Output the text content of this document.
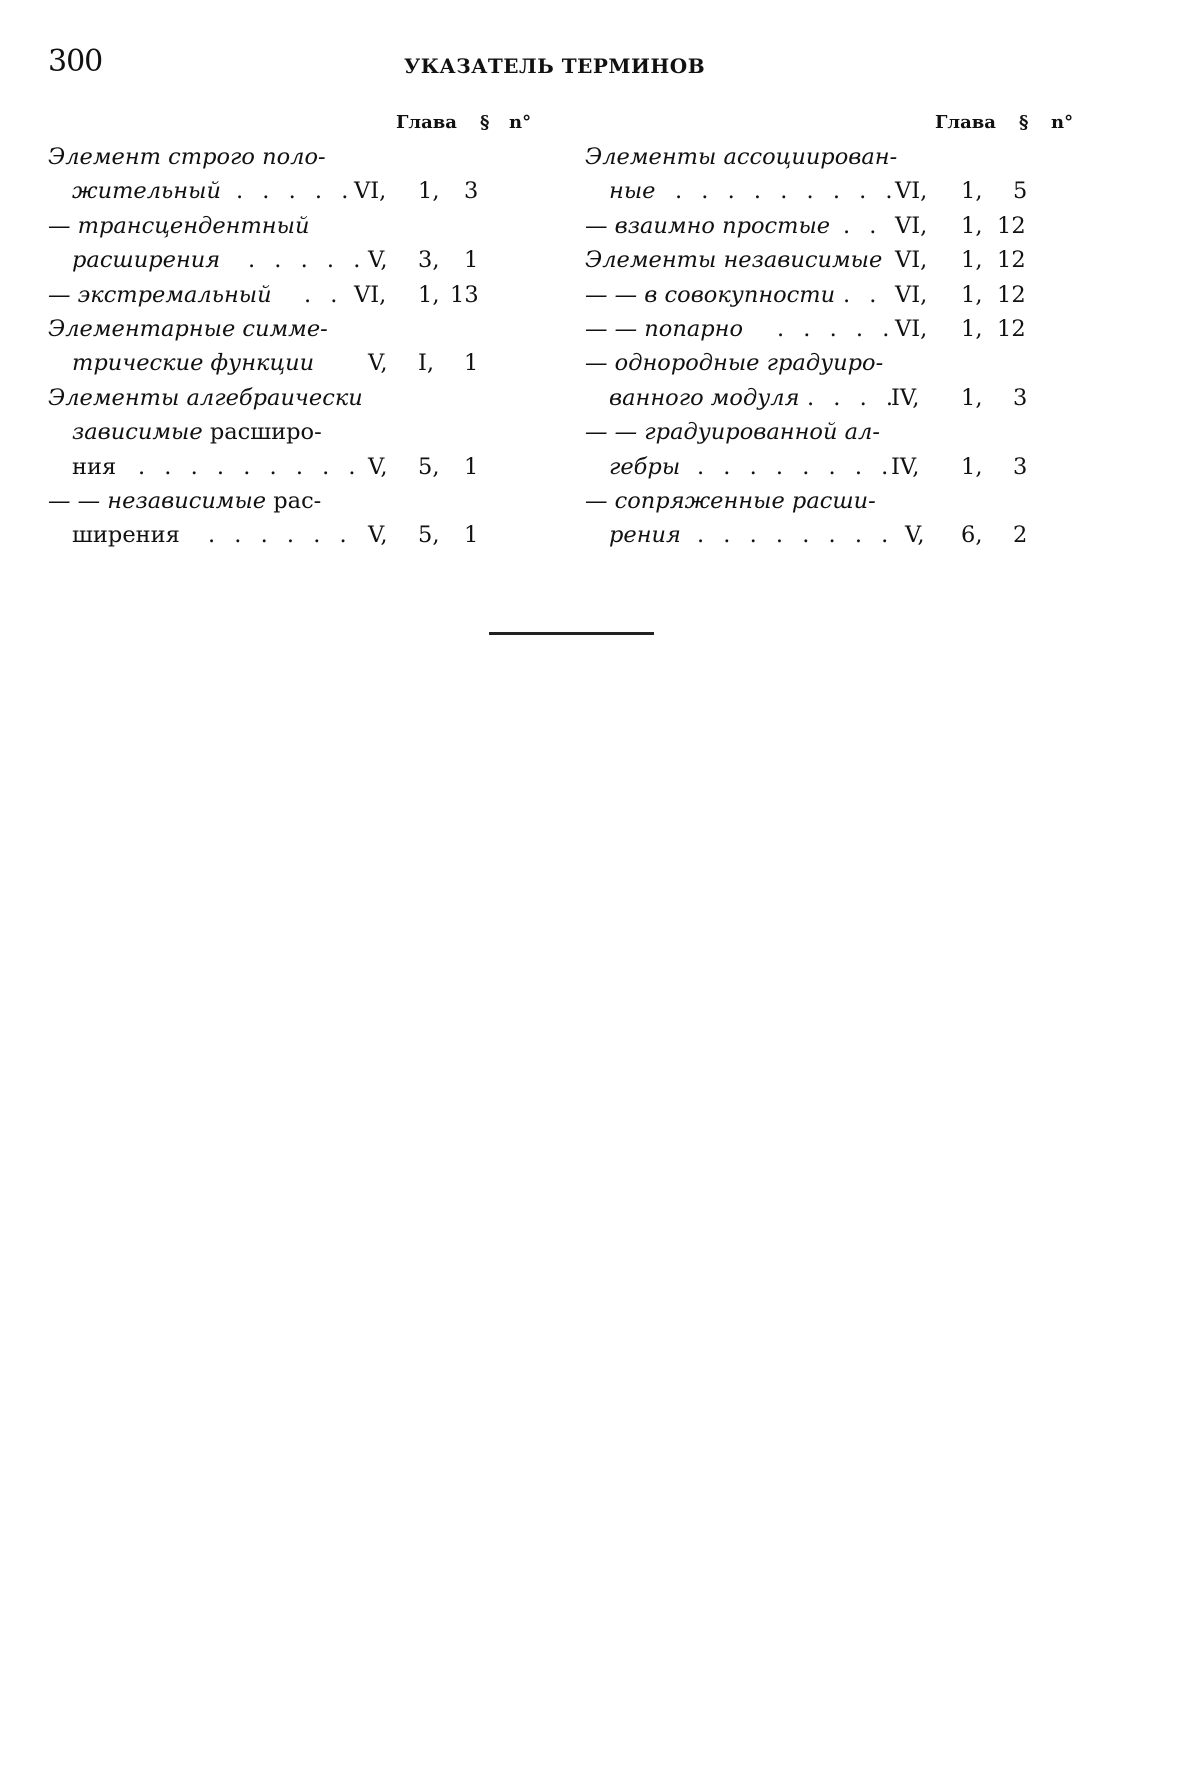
300	УКАЗАТЕЛЬ ТЕРМИНОВ
Глава § n°
Элемент строго поло-
жительный . . . . . VI, 1, 3
— трансцендентный
расширения . . . . . V, 3, 1
— экстремальный . . VI, 1, 13
Элементарные симме-
трические функции V, I, 1
Элементы алгебраически
зависимые расширо-
ния . . . . . . . . . V, 5, 1
— — независимые рас-
ширения . . . . . . V, 5, 1
Глава § n°
Элементы ассоциирован-
ные . . . . . . . . .
VI, 1, 5
— взаимно простые . . VI, 1, 12
Элементы независимые VI, 1, 12
— — в совокупности . . VI, 1, 12
— — попарно . . . . . VI, 1, 12
— однородные градуиро-
ванного модуля . . . .
IV, 1, 3
— — градуированной ал-
гебры . . . . . . . .
IV, 1, 3
— сопряженные расши-
рения . . . . . . . . V, 6, 2
